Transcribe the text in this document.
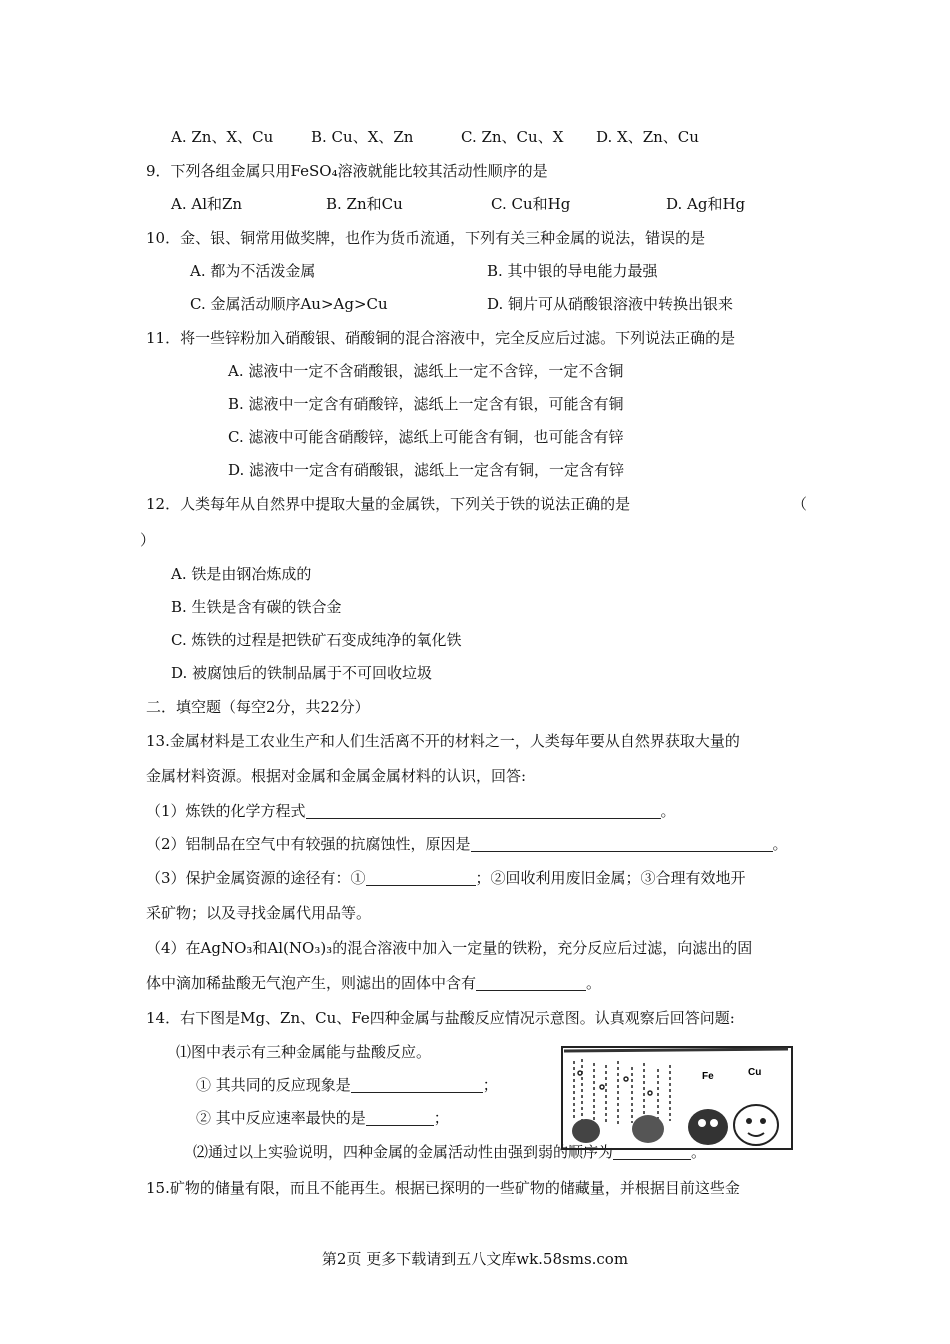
A. Zn、X、Cu	B. Cu、X、Zn	C. Zn、Cu、X D. X、Zn、Cu
9．下列各组金属只用FeSO₄溶液就能比较其活动性顺序的是
A. Al和Zn	B. Zn和Cu	C. Cu和Hg	D. Ag和Hg
10．金、银、铜常用做奖牌，也作为货币流通，下列有关三种金属的说法，错误的是
A. 都为不活泼金属	B. 其中银的导电能力最强
C. 金属活动顺序Au>Ag>Cu	D. 铜片可从硝酸银溶液中转换出银来
11．将一些锌粉加入硝酸银、硝酸铜的混合溶液中，完全反应后过滤。下列说法正确的是
A. 滤液中一定不含硝酸银，滤纸上一定不含锌，一定不含铜
B. 滤液中一定含有硝酸锌，滤纸上一定含有银，可能含有铜
C. 滤液中可能含硝酸锌，滤纸上可能含有铜，也可能含有锌
D. 滤液中一定含有硝酸银，滤纸上一定含有铜，一定含有锌
12．人类每年从自然界中提取大量的金属铁，下列关于铁的说法正确的是	（
）
A. 铁是由钢冶炼成的
B. 生铁是含有碳的铁合金
C. 炼铁的过程是把铁矿石变成纯净的氧化铁
D. 被腐蚀后的铁制品属于不可回收垃圾
二．填空题（每空2分，共22分）
13.金属材料是工农业生产和人们生活离不开的材料之一，人类每年要从自然界获取大量的
金属材料资源。根据对金属和金属金属材料的认识，回答:
（1）炼铁的化学方程式	。
（2）铝制品在空气中有较强的抗腐蚀性，原因是	。
（3）保护金属资源的途径有：①	；②回收利用废旧金属；③合理有效地开
采矿物；以及寻找金属代用品等。
（4）在AgNO₃和Al(NO₃)₃的混合溶液中加入一定量的铁粉，充分反应后过滤，向滤出的固
体中滴加稀盐酸无气泡产生，则滤出的固体中含有	。
14．右下图是Mg、Zn、Cu、Fe四种金属与盐酸反应情况示意图。认真观察后回答问题:
⑴图中表示有三种金属能与盐酸反应。
① 其共同的反应现象是	；
② 其中反应速率最快的是	；
⑵通过以上实验说明，四种金属的金属活动性由强到弱的顺序为	。
Fe	Cu
15.矿物的储量有限，而且不能再生。根据已探明的一些矿物的储藏量，并根据目前这些金
第2页 更多下载请到五八文库wk.58sms.com
